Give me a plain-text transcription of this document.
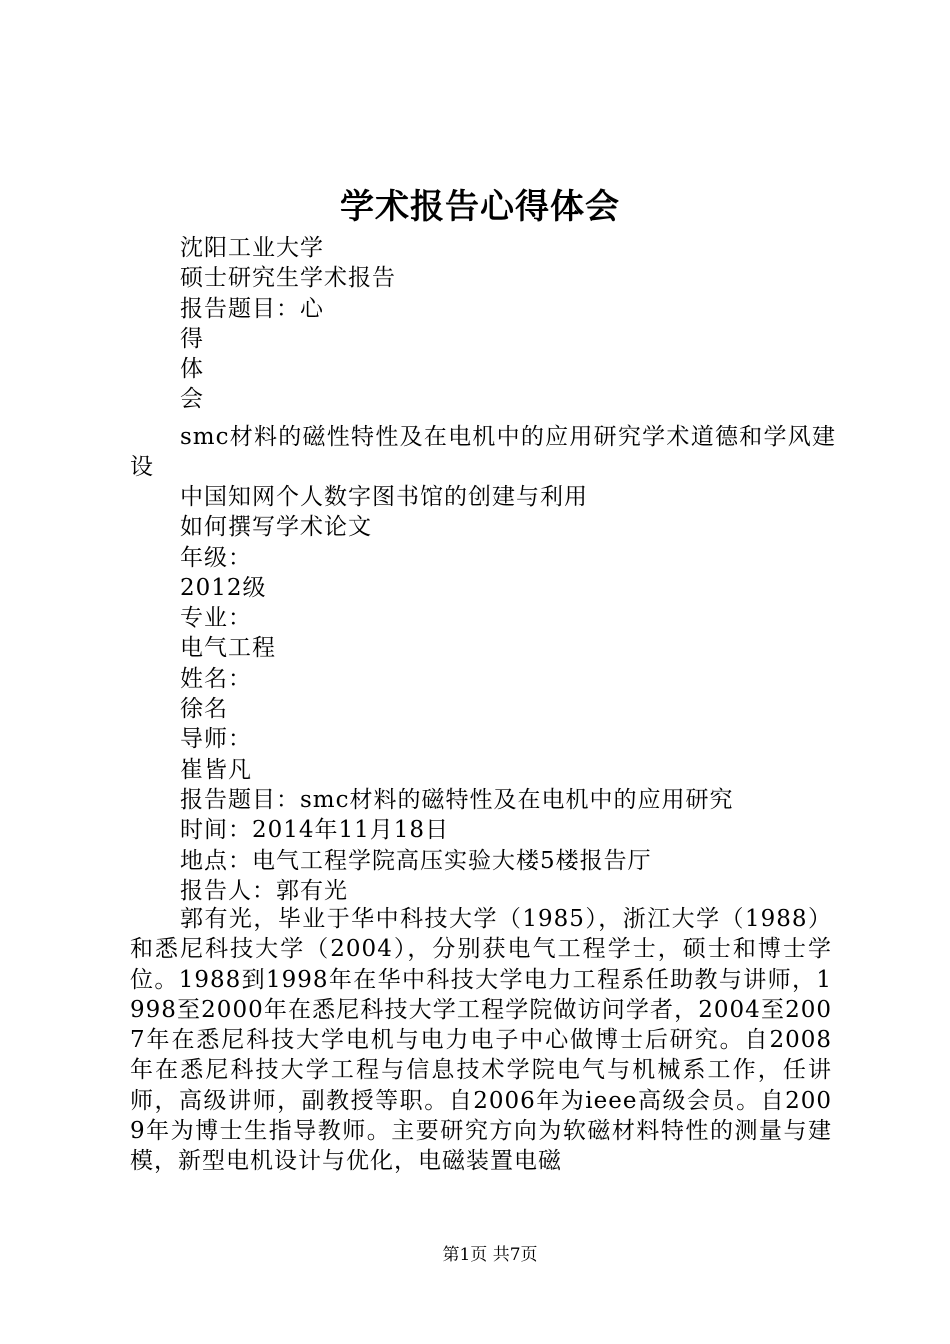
学术报告心得体会
沈阳工业大学
硕士研究生学术报告
报告题目：心
得
体
会
smc材料的磁性特性及在电机中的应用研究学术道德和学风建设
中国知网个人数字图书馆的创建与利用
如何撰写学术论文
年级：
2012级
专业：
电气工程
姓名：
徐名
导师：
崔皆凡
报告题目：smc材料的磁特性及在电机中的应用研究
时间：2014年11月18日
地点：电气工程学院高压实验大楼5楼报告厅
报告人：郭有光
郭有光，毕业于华中科技大学（1985），浙江大学（1988）和悉尼科技大学（2004），分别获电气工程学士，硕士和博士学位。1988到1998年在华中科技大学电力工程系任助教与讲师，1998至2000年在悉尼科技大学工程学院做访问学者，2004至2007年在悉尼科技大学电机与电力电子中心做博士后研究。自2008年在悉尼科技大学工程与信息技术学院电气与机械系工作，任讲师，高级讲师，副教授等职。自2006年为ieee高级会员。自2009年为博士生指导教师。主要研究方向为软磁材料特性的测量与建模，新型电机设计与优化，电磁装置电磁
第1页 共7页
